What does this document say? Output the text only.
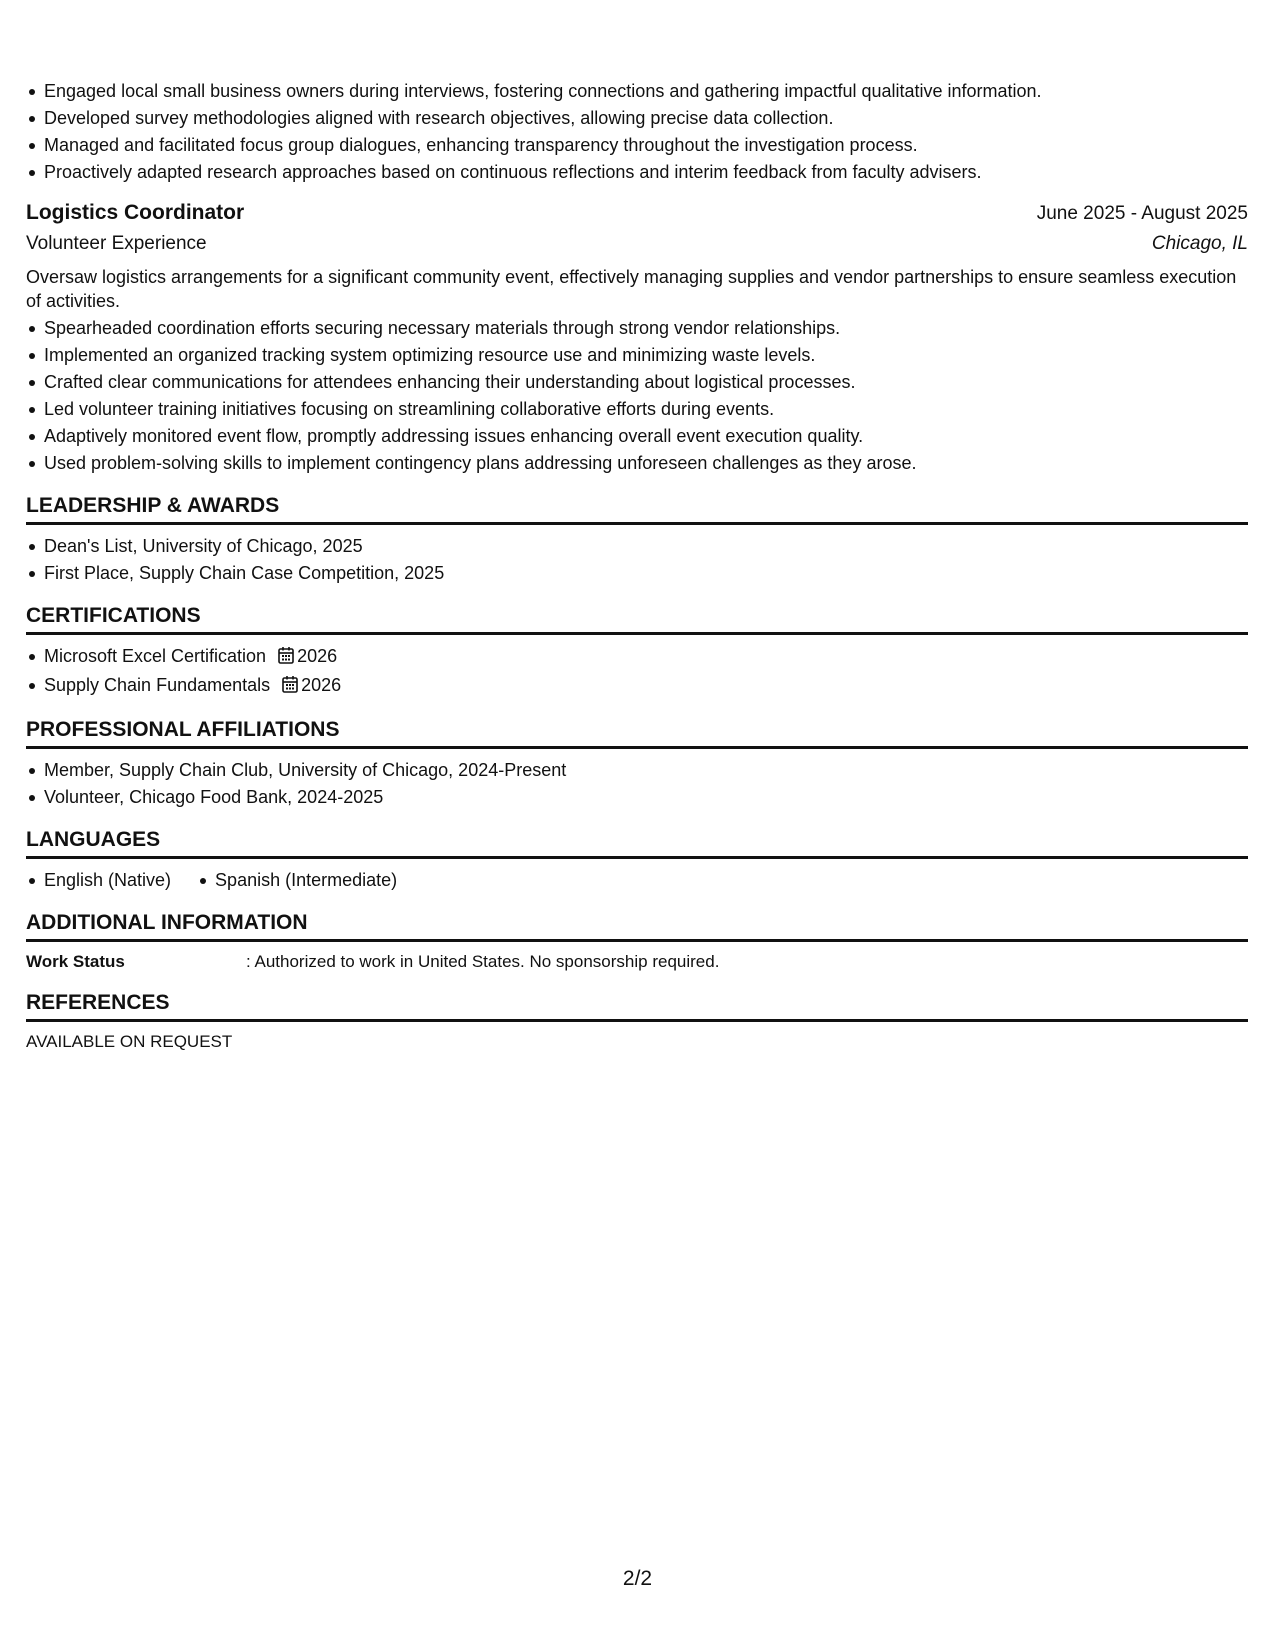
Engaged local small business owners during interviews, fostering connections and gathering impactful qualitative information.
Developed survey methodologies aligned with research objectives, allowing precise data collection.
Managed and facilitated focus group dialogues, enhancing transparency throughout the investigation process.
Proactively adapted research approaches based on continuous reflections and interim feedback from faculty advisers.
Logistics Coordinator	June 2025 - August 2025
Volunteer Experience	Chicago, IL
Oversaw logistics arrangements for a significant community event, effectively managing supplies and vendor partnerships to ensure seamless execution of activities.
Spearheaded coordination efforts securing necessary materials through strong vendor relationships.
Implemented an organized tracking system optimizing resource use and minimizing waste levels.
Crafted clear communications for attendees enhancing their understanding about logistical processes.
Led volunteer training initiatives focusing on streamlining collaborative efforts during events.
Adaptively monitored event flow, promptly addressing issues enhancing overall event execution quality.
Used problem-solving skills to implement contingency plans addressing unforeseen challenges as they arose.
LEADERSHIP & AWARDS
Dean's List, University of Chicago, 2025
First Place, Supply Chain Case Competition, 2025
CERTIFICATIONS
Microsoft Excel Certification 2026
Supply Chain Fundamentals 2026
PROFESSIONAL AFFILIATIONS
Member, Supply Chain Club, University of Chicago, 2024-Present
Volunteer, Chicago Food Bank, 2024-2025
LANGUAGES
English (Native) Spanish (Intermediate)
ADDITIONAL INFORMATION
Work Status	: Authorized to work in United States. No sponsorship required.
REFERENCES
AVAILABLE ON REQUEST
2/2
